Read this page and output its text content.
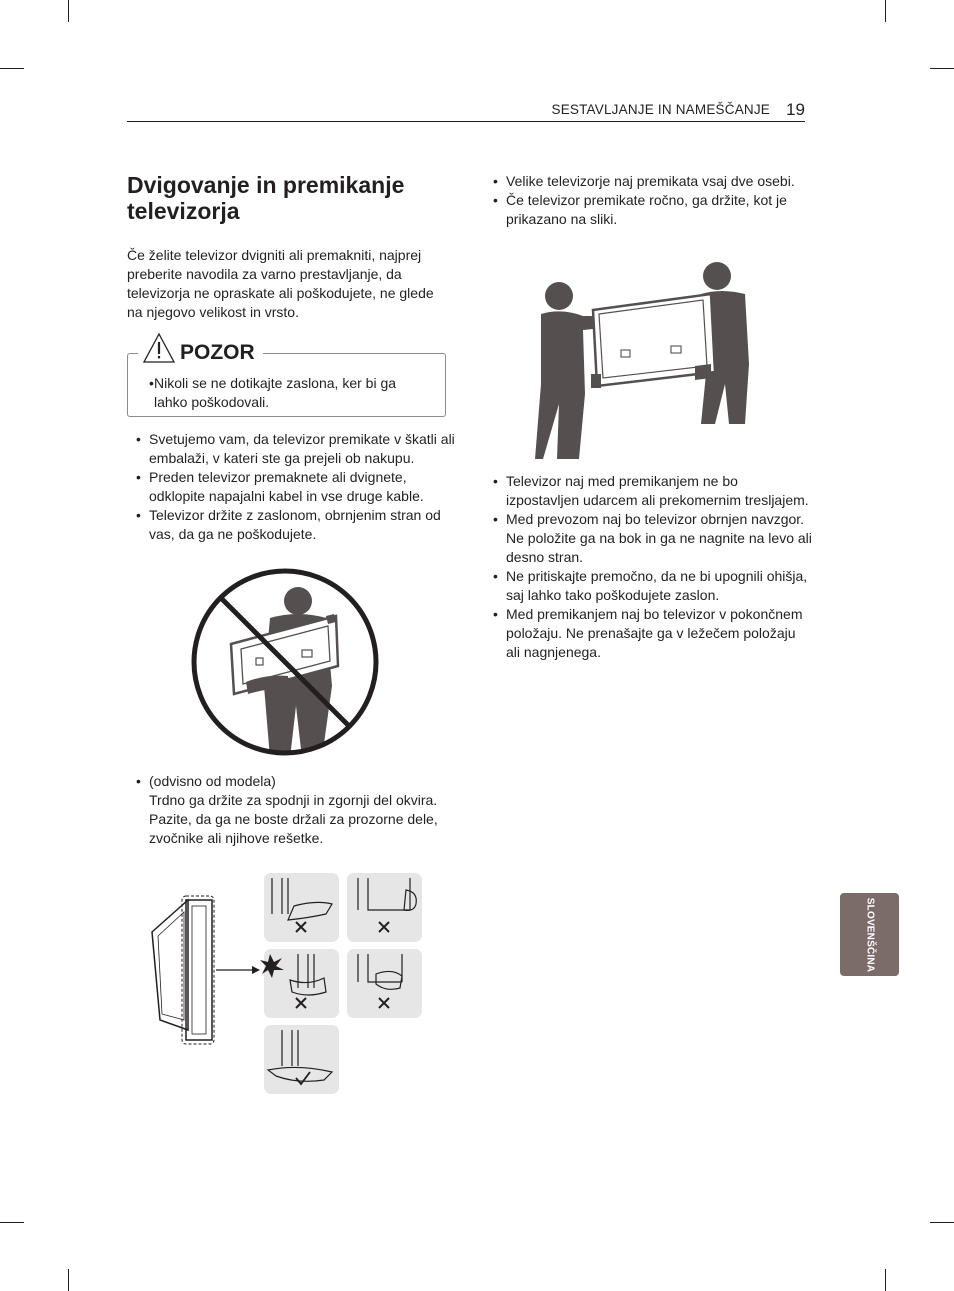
SESTAVLJANJE IN NAMEŠČANJE 19
Dvigovanje in premikanje televizorja

Če želite televizor dvigniti ali premakniti, najprej preberite navodila za varno prestavljanje, da televizorja ne opraskate ali poškodujete, ne glede na njegovo velikost in vrsto.

POZOR
• Nikoli se ne dotikajte zaslona, ker bi ga lahko poškodovali.
• Svetujemo vam, da televizor premikate v škatli ali embalaži, v kateri ste ga prejeli ob nakupu.
• Preden televizor premaknete ali dvignete, odklopite napajalni kabel in vse druge kable.
• Televizor držite z zaslonom, obrnjenim stran od vas, da ga ne poškodujete.
• (odvisno od modela)
Trdno ga držite za spodnji in zgornji del okvira. Pazite, da ga ne boste držali za prozorne dele, zvočnike ali njihove rešetke.
• Velike televizorje naj premikata vsaj dve osebi.
• Če televizor premikate ročno, ga držite, kot je prikazano na sliki.
• Televizor naj med premikanjem ne bo izpostavljen udarcem ali prekomernim tresljajem.
• Med prevozom naj bo televizor obrnjen navzgor. Ne položite ga na bok in ga ne nagnite na levo ali desno stran.
• Ne pritiskajte premočno, da ne bi upognili ohišja, saj lahko tako poškodujete zaslon.
• Med premikanjem naj bo televizor v pokončnem položaju. Ne prenašajte ga v ležečem položaju ali nagnjenega.
SLOVENŠČINA
